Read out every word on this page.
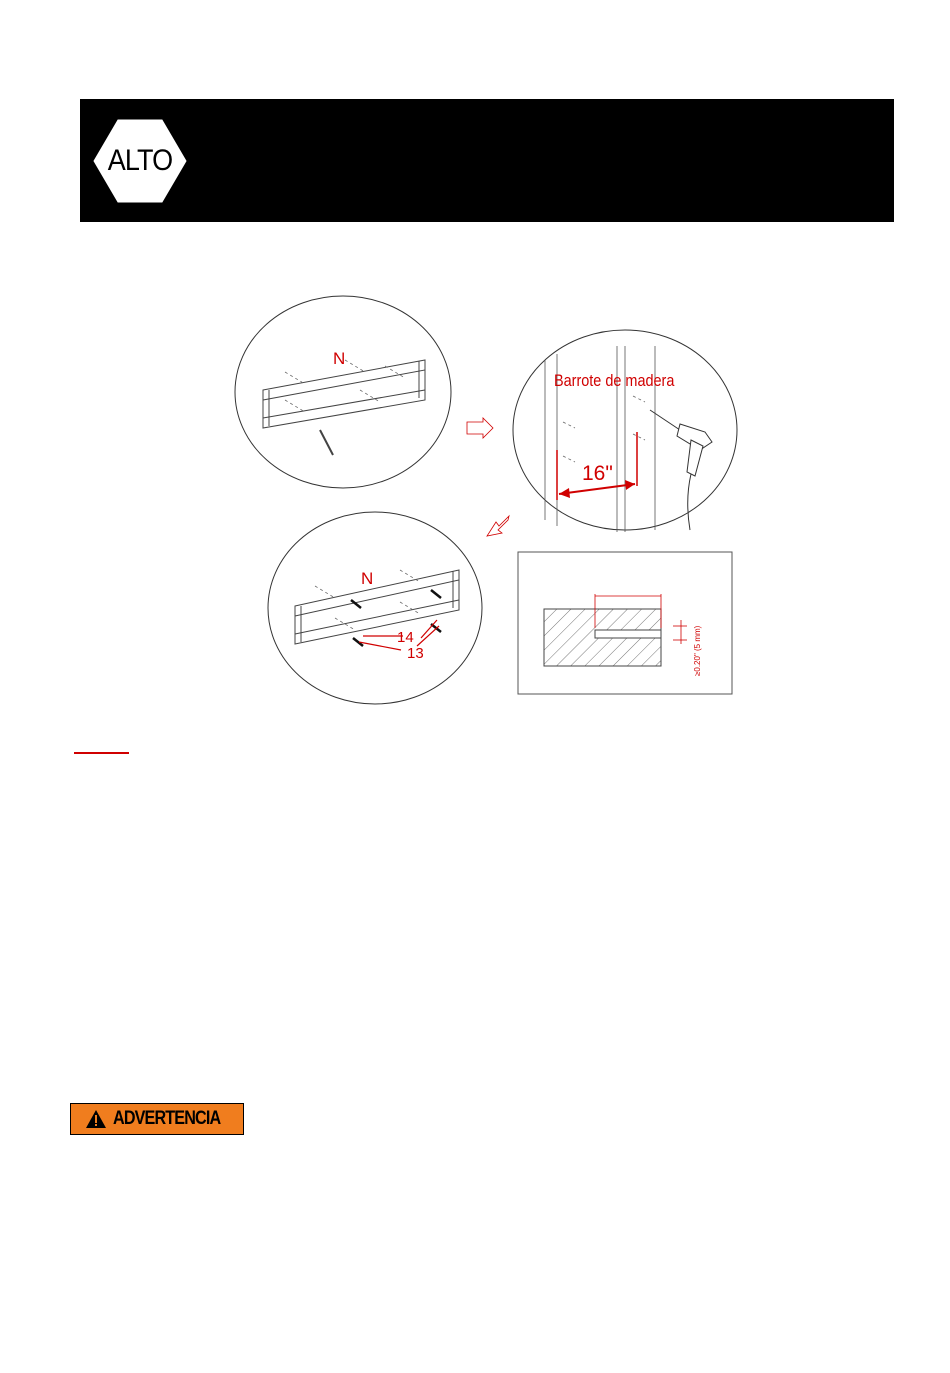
ALTO
N
Barrote de madera
16"
N
14
13	≥0.20" (5 mm)
ADVERTENCIA
